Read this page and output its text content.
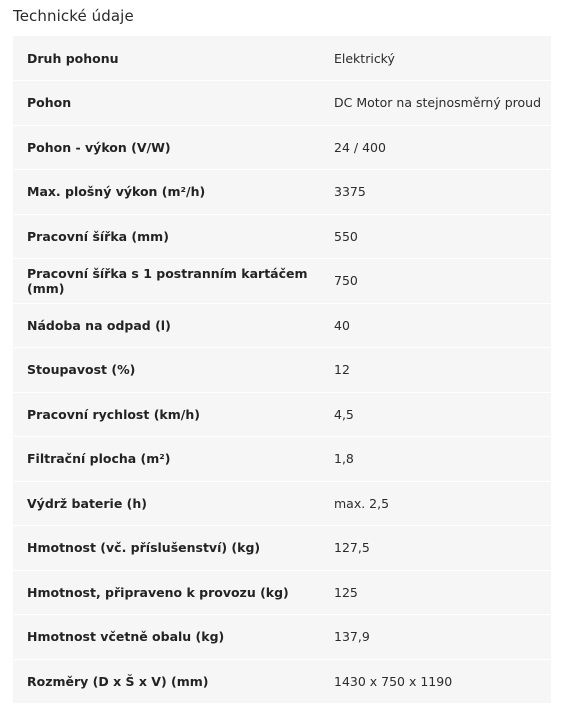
Technické údaje
Druh pohonu	Elektrický
Pohon	DC Motor na stejnosměrný proud
Pohon - výkon (V/W)	24 / 400
Max. plošný výkon (m²/h)	3375
Pracovní šířka (mm)	550
Pracovní šířka s 1 postranním kartáčem (mm)	750
Nádoba na odpad (l)	40
Stoupavost (%)	12
Pracovní rychlost (km/h)	4,5
Filtrační plocha (m²)	1,8
Výdrž baterie (h)	max. 2,5
Hmotnost (vč. příslušenství) (kg)	127,5
Hmotnost, připraveno k provozu (kg)	125
Hmotnost včetně obalu (kg)	137,9
Rozměry (D x Š x V) (mm)	1430 x 750 x 1190
